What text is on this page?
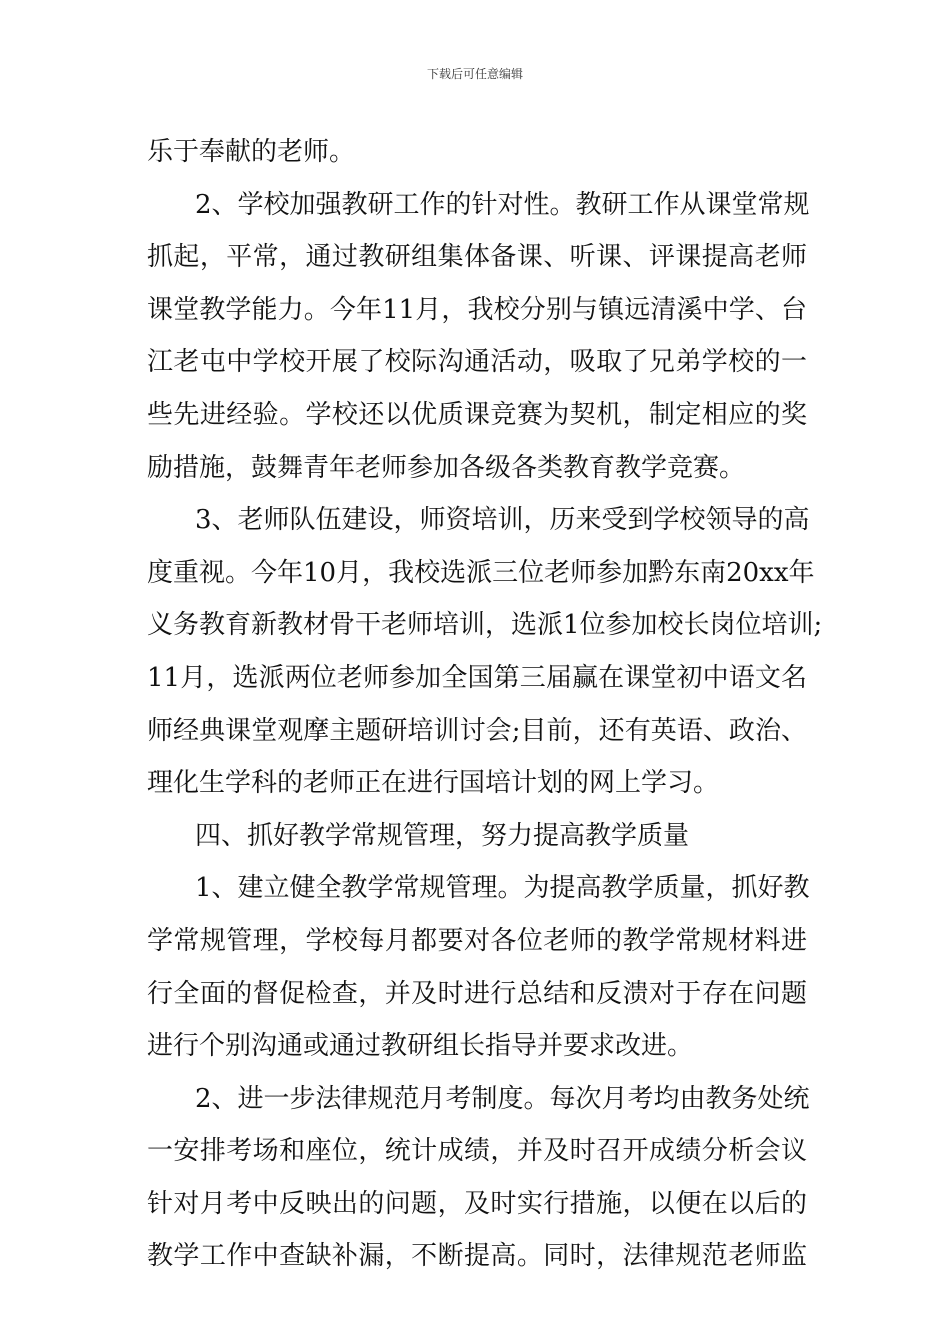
下载后可任意编辑
乐于奉献的老师。
2、学校加强教研工作的针对性。教研工作从课堂常规
抓起，平常，通过教研组集体备课、听课、评课提高老师
课堂教学能力。今年11月，我校分别与镇远清溪中学、台
江老屯中学校开展了校际沟通活动，吸取了兄弟学校的一
些先进经验。学校还以优质课竞赛为契机，制定相应的奖
励措施，鼓舞青年老师参加各级各类教育教学竞赛。
3、老师队伍建设，师资培训，历来受到学校领导的高
度重视。今年10月，我校选派三位老师参加黔东南20xx年
义务教育新教材骨干老师培训，选派1位参加校长岗位培训;
11月，选派两位老师参加全国第三届赢在课堂初中语文名
师经典课堂观摩主题研培训讨会;目前，还有英语、政治、
理化生学科的老师正在进行国培计划的网上学习。
四、抓好教学常规管理，努力提高教学质量
1、建立健全教学常规管理。为提高教学质量，抓好教
学常规管理，学校每月都要对各位老师的教学常规材料进
行全面的督促检查，并及时进行总结和反溃对于存在问题
进行个别沟通或通过教研组长指导并要求改进。
2、进一步法律规范月考制度。每次月考均由教务处统
一安排考场和座位，统计成绩，并及时召开成绩分析会议
针对月考中反映出的问题，及时实行措施，以便在以后的
教学工作中查缺补漏，不断提高。同时，法律规范老师监
